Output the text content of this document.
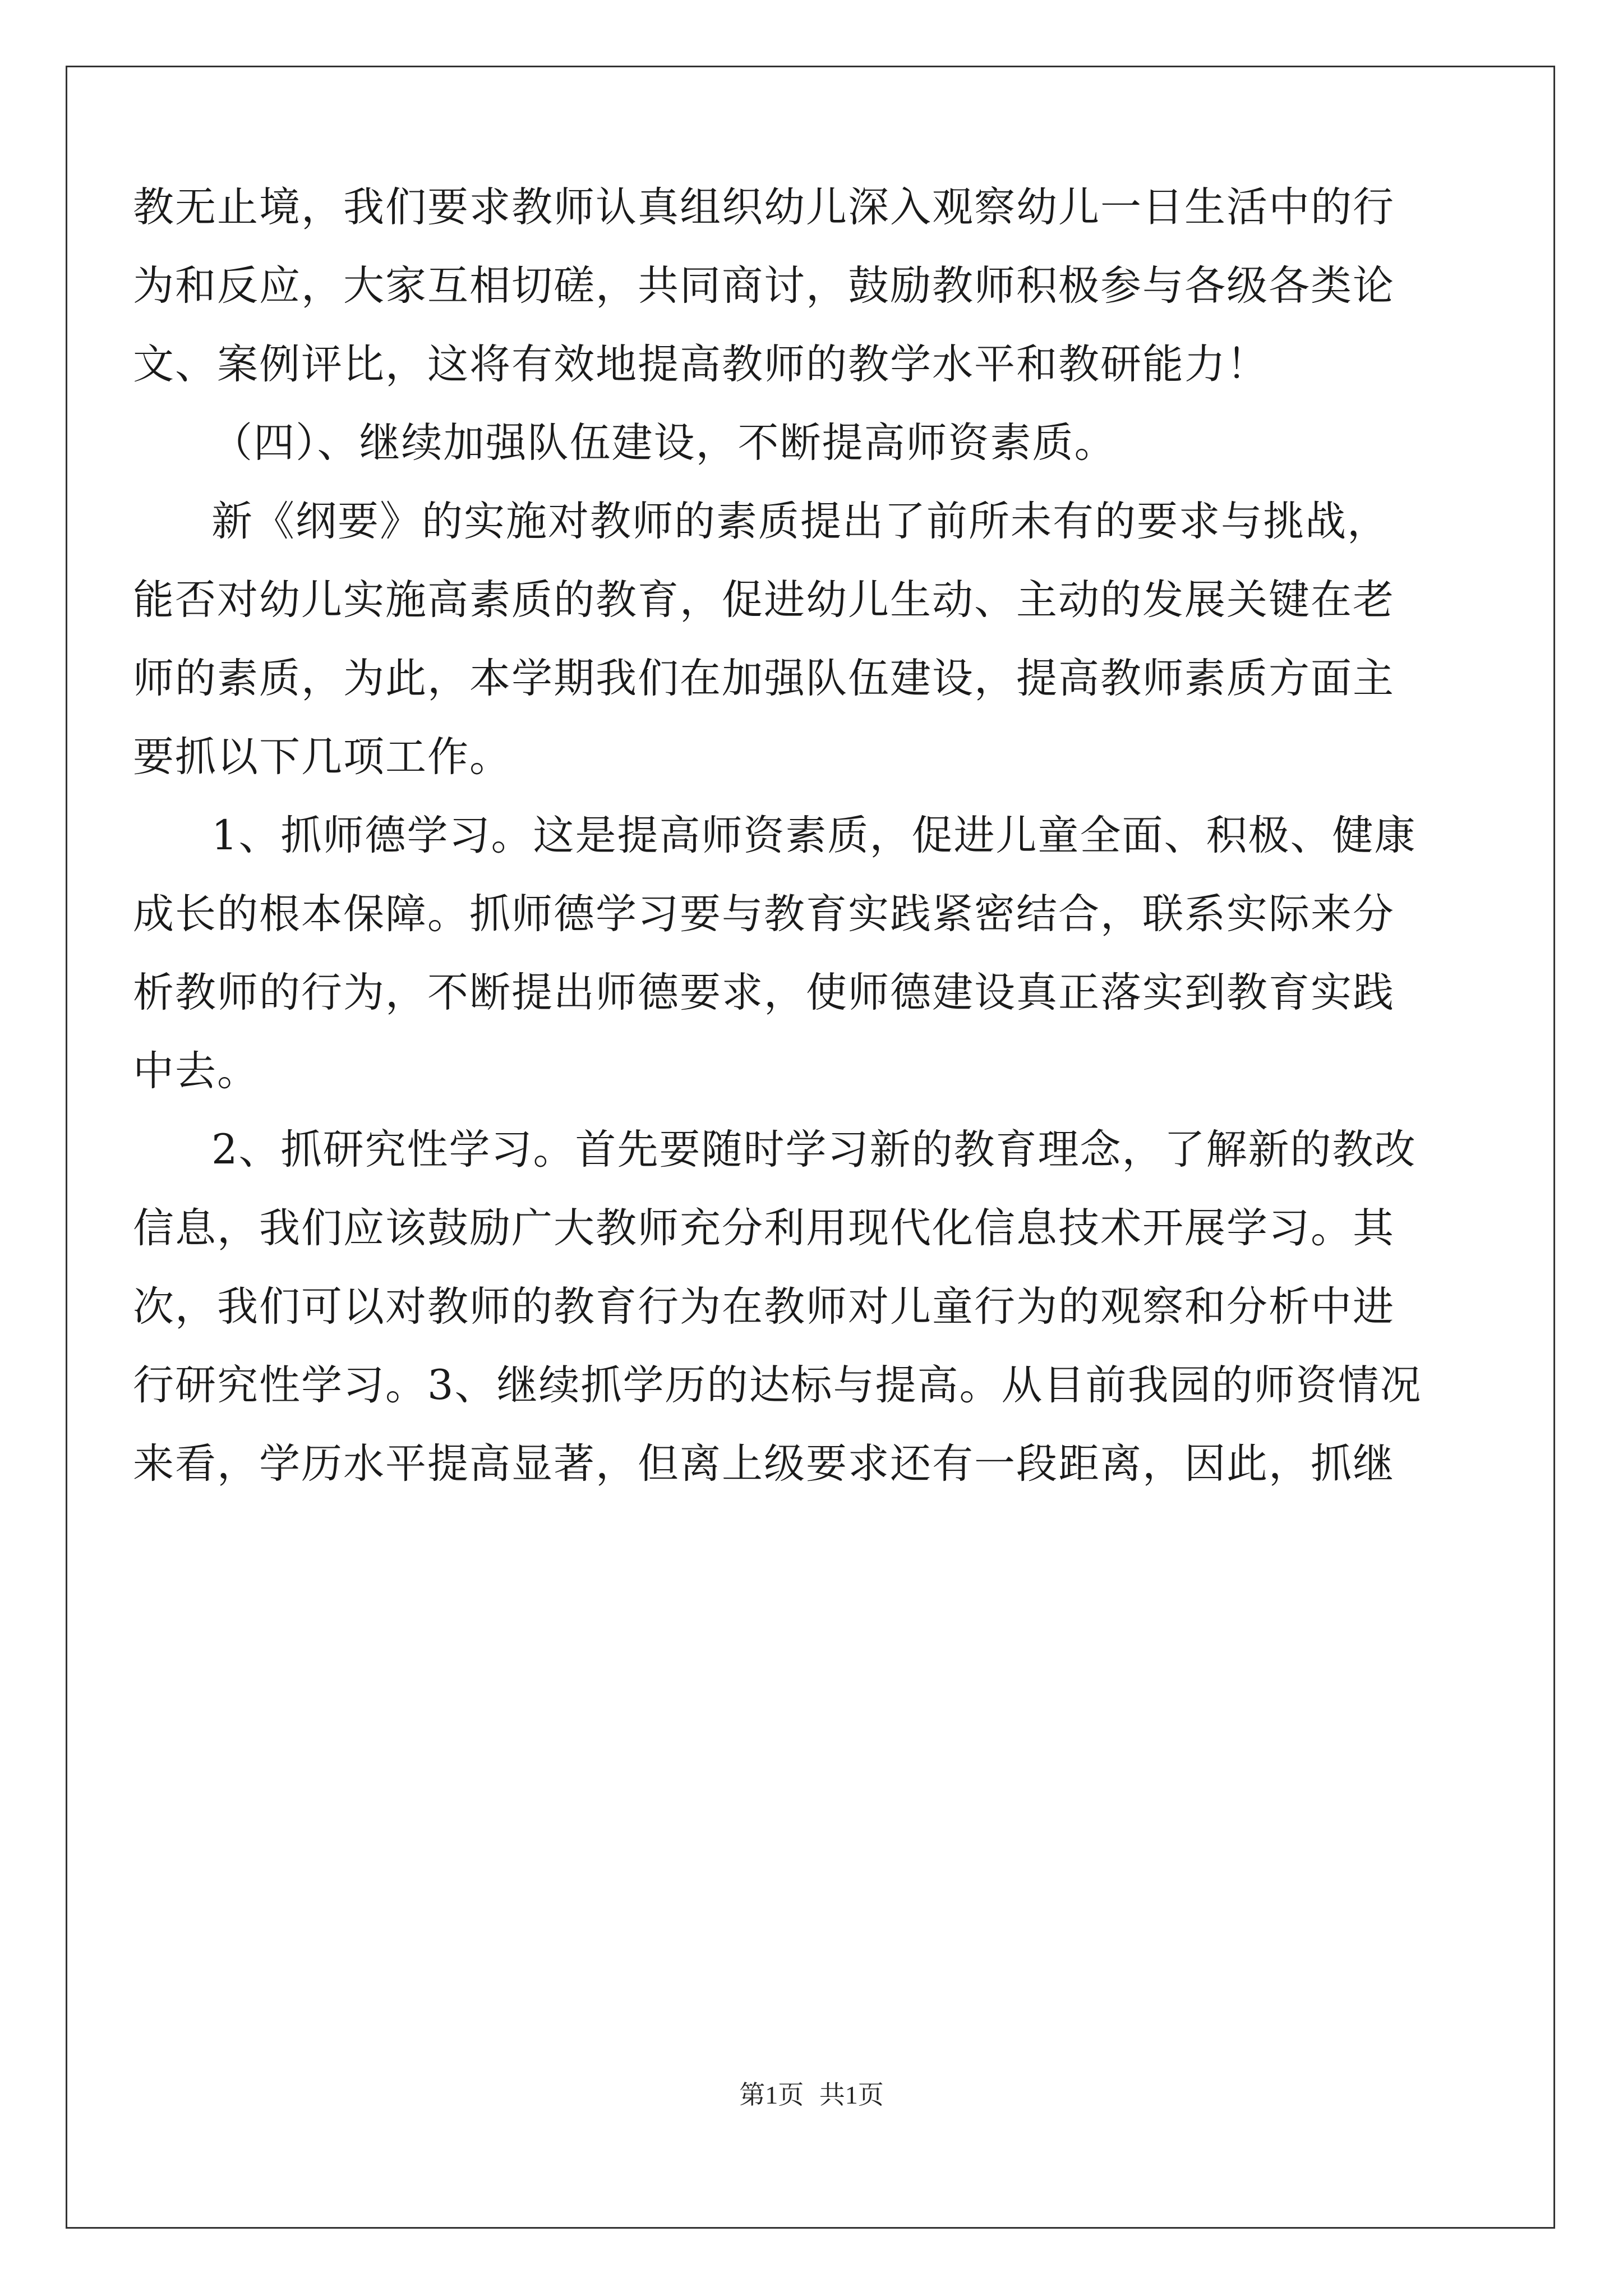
教无止境，我们要求教师认真组织幼儿深入观察幼儿一日生活中的行
为和反应，大家互相切磋，共同商讨，鼓励教师积极参与各级各类论
文、案例评比，这将有效地提高教师的教学水平和教研能力！
（四）、继续加强队伍建设，不断提高师资素质。
新《纲要》的实施对教师的素质提出了前所未有的要求与挑战，
能否对幼儿实施高素质的教育，促进幼儿生动、主动的发展关键在老
师的素质，为此，本学期我们在加强队伍建设，提高教师素质方面主
要抓以下几项工作。
1、抓师德学习。这是提高师资素质，促进儿童全面、积极、健康
成长的根本保障。抓师德学习要与教育实践紧密结合，联系实际来分
析教师的行为，不断提出师德要求，使师德建设真正落实到教育实践
中去。
2、抓研究性学习。首先要随时学习新的教育理念，了解新的教改
信息，我们应该鼓励广大教师充分利用现代化信息技术开展学习。其
次，我们可以对教师的教育行为在教师对儿童行为的观察和分析中进
行研究性学习。3、继续抓学历的达标与提高。从目前我园的师资情况
来看，学历水平提高显著，但离上级要求还有一段距离，因此，抓继
第1页 共1页
